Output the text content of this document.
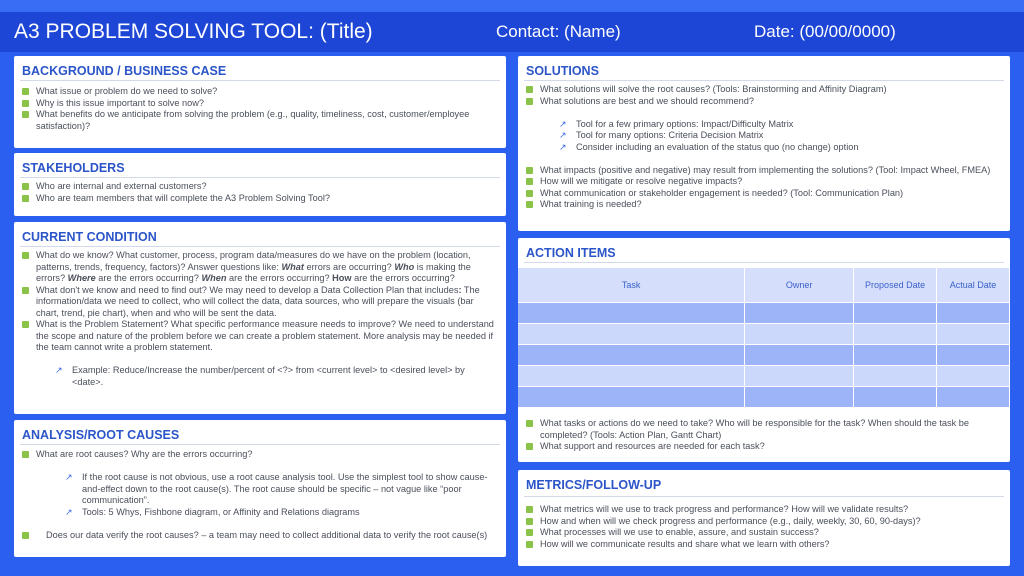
A3 PROBLEM SOLVING TOOL: (Title)	Contact: (Name)	Date: (00/00/0000)
BACKGROUND / BUSINESS CASE
What issue or problem do we need to solve?
Why is this issue important to solve now?
What benefits do we anticipate from solving the problem (e.g., quality, timeliness, cost, customer/employee satisfaction)?
STAKEHOLDERS
Who are internal and external customers?
Who are team members that will complete the A3 Problem Solving Tool?
CURRENT CONDITION
What do we know? What customer, process, program data/measures do we have on the problem (location, patterns, trends, frequency, factors)? Answer questions like: What errors are occurring? Who is making the errors? Where are the errors occurring? When are the errors occurring? How are the errors occurring?
What don't we know and need to find out? We may need to develop a Data Collection Plan that includes: The information/data we need to collect, who will collect the data, data sources, who will prepare the visuals (bar chart, trend, pie chart), when and who will be sent the data.
What is the Problem Statement? What specific performance measure needs to improve? We need to understand the scope and nature of the problem before we can create a problem statement. More analysis may be needed if the team cannot write a problem statement.
↗ Example: Reduce/Increase the number/percent of <?> from <current level> to <desired level> by <date>.
ANALYSIS/ROOT CAUSES
What are root causes? Why are the errors occurring?
↗ If the root cause is not obvious, use a root cause analysis tool. Use the simplest tool to show cause-and-effect down to the root cause(s). The root cause should be specific – not vague like “poor communication”.
↗ Tools: 5 Whys, Fishbone diagram, or Affinity and Relations diagrams
Does our data verify the root causes? – a team may need to collect additional data to verify the root cause(s)
SOLUTIONS
What solutions will solve the root causes? (Tools: Brainstorming and Affinity Diagram)
What solutions are best and we should recommend?
↗ Tool for a few primary options: Impact/Difficulty Matrix
↗ Tool for many options: Criteria Decision Matrix
↗ Consider including an evaluation of the status quo (no change) option
What impacts (positive and negative) may result from implementing the solutions? (Tool: Impact Wheel, FMEA)
How will we mitigate or resolve negative impacts?
What communication or stakeholder engagement is needed? (Tool: Communication Plan)
What training is needed?
ACTION ITEMS
What tasks or actions do we need to take? Who will be responsible for the task? When should the task be completed? (Tools: Action Plan, Gantt Chart)
What support and resources are needed for each task?
Task	Owner	Proposed Date	Actual Date

METRICS/FOLLOW-UP
What metrics will we use to track progress and performance? How will we validate results?
How and when will we check progress and performance (e.g., daily, weekly, 30, 60, 90-days)?
What processes will we use to enable, assure, and sustain success?
How will we communicate results and share what we learn with others?
